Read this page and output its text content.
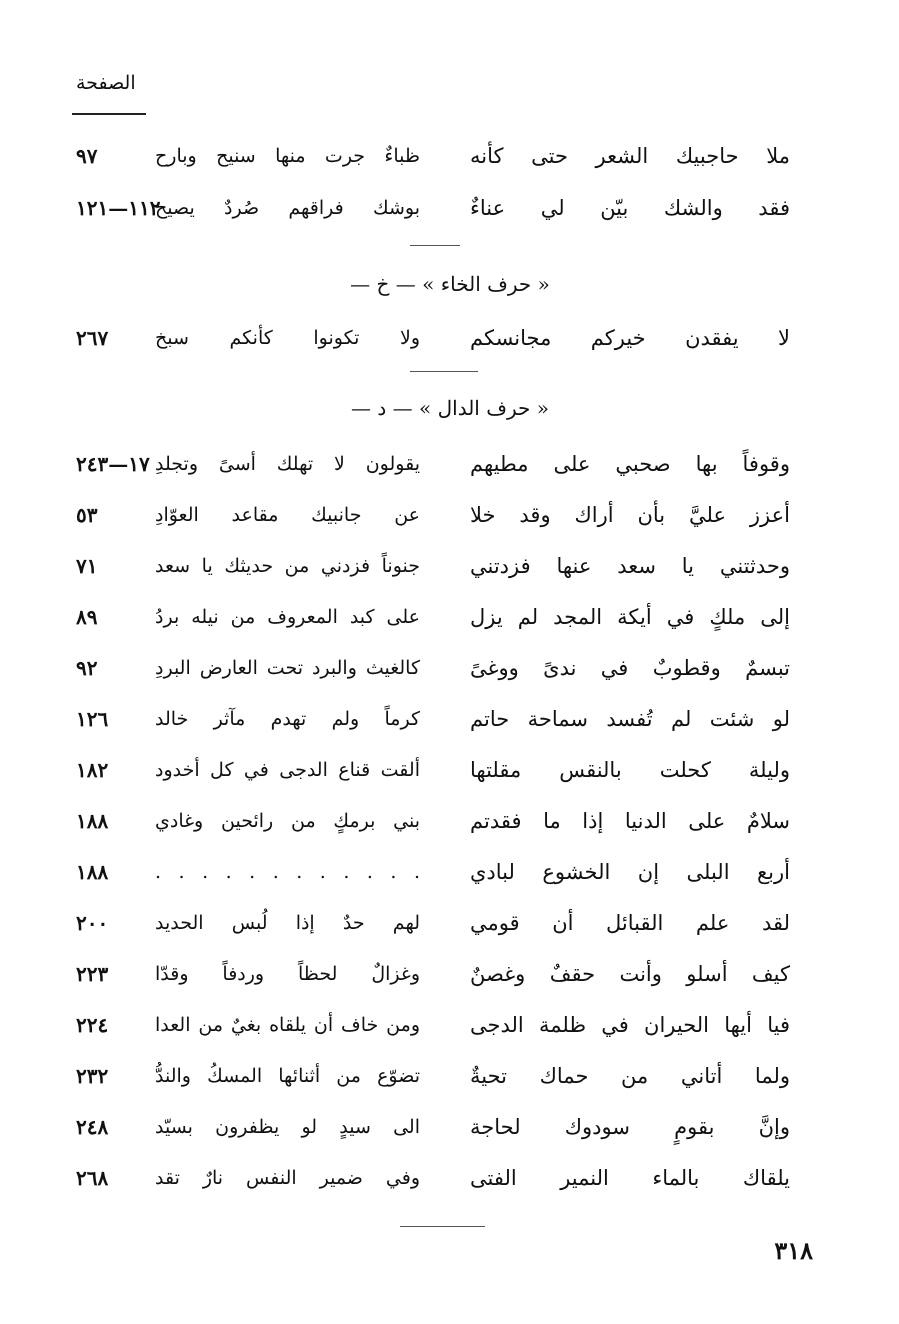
الصفحة
ملا حاجبيك الشعر حتى كأنه
ظباءٌ جرت منها سنيح وبارح
٩٧
فقد والشك بيّن لي عناءٌ
بوشك فراقهم صُردٌ يصيح
١١٢—١٢١
« حرف الخاء » — خ —
لا يفقدن خيركم مجانسكم
ولا تكونوا كأنكم سبخ
٢٦٧
« حرف الدال » — د —
وقوفاً بها صحبي على مطيهم
يقولون لا تهلك أسىً وتجلدِ
١٧—٢٤٣
أعزز عليَّ بأن أراك وقد خلا
عن جانبيك مقاعد العوّادِ
٥٣
وحدثتني يا سعد عنها فزدتني
جنوناً فزدني من حديثك يا سعد
٧١
إلى ملكٍ في أيكة المجد لم يزل
على كبد المعروف من نيله بردُ
٨٩
تبسمٌ وقطوبٌ في ندىً ووغىً
كالغيث والبرد تحت العارض البردِ
٩٢
لو شئت لم تُفسد سماحة حاتم
كرماً ولم تهدم مآثر خالد
١٢٦
وليلة كحلت بالنقس مقلتها
ألقت قناع الدجى في كل أخدود
١٨٢
سلامٌ على الدنيا إذا ما فقدتم
بني برمكٍ من رائحين وغادي
١٨٨
أربع البلى إن الخشوع لبادي
. . . . . . . . . . . .
١٨٨
لقد علم القبائل أن قومي
لهم حدٌ إذا لُبس الحديد
٢٠٠
كيف أسلو وأنت حقفٌ وغصنٌ
وغزالٌ لحظاً وردفاً وقدّا
٢٢٣
فيا أيها الحيران في ظلمة الدجى
ومن خاف أن يلقاه بغيٌ من العدا
٢٢٤
ولما أتاني من حماك تحيةٌ
تضوّع من أثنائها المسكُ والندُّ
٢٣٢
وإنَّ بقومٍ سودوك لحاجة
الى سيدٍ لو يظفرون بسيّد
٢٤٨
يلقاك بالماء النمير الفتى
وفي ضمير النفس نارٌ تقد
٢٦٨
٣١٨
